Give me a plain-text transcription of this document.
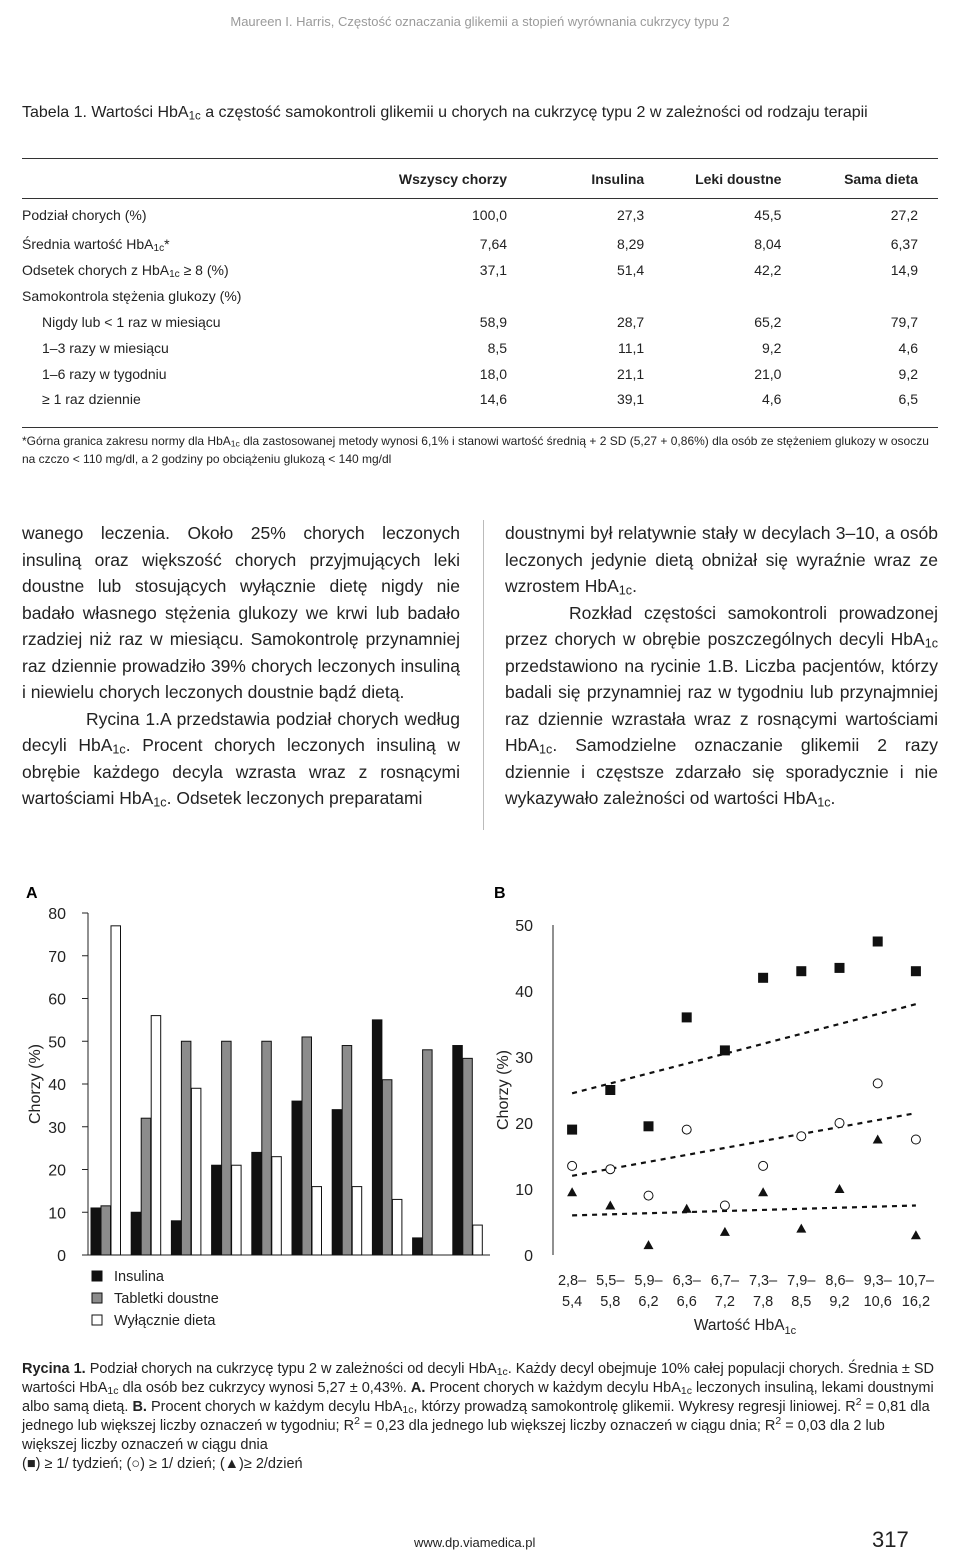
Maureen I. Harris, Częstość oznaczania glikemii a stopień wyrównania cukrzycy typu 2
Tabela 1. Wartości HbA$_{1c}$ a częstość samokontroli glikemii u chorych na cukrzycę typu 2 w zależności od rodzaju terapii
	Wszyscy chorzy	Insulina	Leki doustne	Sama dieta
Podział chorych (%)	100,0	27,3	45,5	27,2
Średnia wartość HbA$_{1c}$*	7,64	8,29	8,04	6,37
Odsetek chorych z HbA$_{1c}$ ≥ 8 (%)	37,1	51,4	42,2	14,9
Samokontrola stężenia glukozy (%)				
Nigdy lub < 1 raz w miesiącu	58,9	28,7	65,2	79,7
1–3 razy w miesiącu	8,5	11,1	9,2	4,6
1–6 razy w tygodniu	18,0	21,1	21,0	9,2
≥ 1 raz dziennie	14,6	39,1	4,6	6,5
*Górna granica zakresu normy dla HbA$_{1c}$ dla zastosowanej metody wynosi 6,1% i stanowi wartość średnią + 2 SD (5,27 + 0,86%) dla osób ze stężeniem glukozy w osoczu na czczo < 110 mg/dl, a 2 godziny po obciążeniu glukozą < 140 mg/dl

wanego leczenia. Około 25% chorych leczonych insuliną oraz większość chorych przyjmujących leki doustne lub stosujących wyłącznie dietę nigdy nie badało własnego stężenia glukozy we krwi lub badało rzadziej niż raz w miesiącu. Samokontrolę przynamniej raz dziennie prowadziło 39% chorych leczonych insuliną i niewielu chorych leczonych doustnie bądź dietą.

Rycina 1.A przedstawia podział chorych według decyli HbA$_{1c}$. Procent chorych leczonych insuliną w obrębie każdego decyla wzrasta wraz z rosnącymi wartościami HbA$_{1c}$. Odsetek leczonych preparatami

doustnymi był relatywnie stały w decylach 3–10, a osób leczonych jedynie dietą obniżał się wyraźnie wraz ze wzrostem HbA$_{1c}$.

Rozkład częstości samokontroli prowadzonej przez chorych w obrębie poszczególnych decyli HbA$_{1c}$ przedstawiono na rycinie 1.B. Liczba pacjentów, którzy badali się przynamniej raz w tygodniu lub przynajmniej raz dziennie wzrastała wraz z rosnącymi wartościami HbA$_{1c}$. Samodzielne oznaczanie glikemii 2 razy dziennie i częstsze zdarzało się sporadycznie i nie wykazywało zależności od wartości HbA$_{1c}$.

A	B
0
10
20
30
40
50
60
70
80
Chorzy (%)
Insulina
Tabletki doustne
Wyłącznie dieta
0
10
20
30
40
50
Chorzy (%)
2,8–
5,4
5,5–
5,8
5,9–
6,2
6,3–
6,6
6,7–
7,2
7,3–
7,8
7,9–
8,5
8,6–
9,2
9,3–
10,6
10,7–
16,2
Wartość HbA$_{1c}$
Rycina 1. Podział chorych na cukrzycę typu 2 w zależności od decyli HbA$_{1c}$. Każdy decyl obejmuje 10% całej populacji chorych. Średnia ± SD wartości HbA$_{1c}$ dla osób bez cukrzycy wynosi 5,27 ± 0,43%. A. Procent chorych w każdym decylu HbA$_{1c}$ leczonych insuliną, lekami doustnymi albo samą dietą. B. Procent chorych w każdym decylu HbA$_{1c}$, którzy prowadzą samokontrolę glikemii. Wykresy regresji liniowej. $R^2 = 0,81$ dla jednego lub większej liczby oznaczeń w tygodniu; $R^2 = 0,23$ dla jednego lub większej liczby oznaczeń w ciągu dnia; $R^2 = 0,03$ dla 2 lub większej liczby oznaczeń w ciągu dnia
(■) ≥ 1/ tydzień; (○) ≥ 1/ dzień; (▲)≥ 2/dzień
www.dp.viamedica.pl	317
